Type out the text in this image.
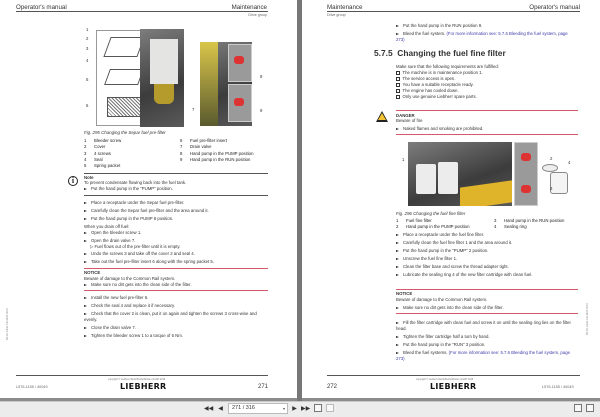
Operator's manual	Maintenance
Drive group
1
2
3
4
5
6
7
8
9
Fig. 295 Changing the Separ fuel pre-filter
1 Bleeder screw	6 Fuel pre-filter insert
2 Cover	7 Drain valve
3 4 screws	8 Hand pump in the PUMP position
4 Seal	9 Hand pump in the RUN position
5 Spring packet
i	Note
To prevent condensate flowing back into the fuel tank.
Put the hand pump in the "PUMP" position.
Place a receptacle under the Separ fuel pre-filter.
Carefully clean the Separ fuel pre-filter and the area around it.
Put the hand pump in the PUMP 8 position.
When you drain off fuel:
Open the bleeder screw 1.
Open the drain valve 7.
▷ Fuel flows out of the pre-filter until it is empty.
Undo the screws 3 and take off the cover 2 and seal 4.
Take out the fuel pre-filter insert 6 along with the spring packet 5.
NOTICE
Beware of damage to the Common Rail system.
Make sure no dirt gets into the clean side of the filter.
Install the new fuel pre-filter 6.
Check the seal 4 and replace it if necessary.
Check that the cover 2 is clean, put it on again and tighten the screws 3 cross-wise and evenly.
Close the drain valve 7.
Tighten the bleeder screw 1 to a torque of 6 Nm.
B0-40-Lohkl-CD-4200-0001
copyright © Liebherr-Werk Bischofshofen GmbH 2018
LIEBHERR	271
L576-1155 / 40049
Maintenance	Operator's manual
Drive group
Put the hand pump in the RUN position 9.
Bleed the fuel system. (For more information see: 5.7.6 Bleeding the fuel system, page 273)
5.7.5 Changing the fuel fine filter
Make sure that the following requirements are fulfilled:
The machine is in maintenance position 1.
The service access is open.
You have a suitable receptacle ready.
The engine has cooled down.
Only use genuine Liebherr spare parts.
!	DANGER
Beware of fire
Naked flames and smoking are prohibited.
1	2
3
4
Fig. 296 Changing the fuel fine filter
1 Fuel fine filter	3 Hand pump in the RUN position
2 Hand pump in the PUMP position	4 Sealing ring
Place a receptacle under the fuel fine filter.
Carefully clean the fuel fine filter 1 and the area around it.
Put the hand pump in the "PUMP" 2 position.
Unscrew the fuel fine filter 1.
Clean the filter base and screw the thread adapter tight.
Lubricate the sealing ring 4 of the new filter cartridge with clean fuel.
NOTICE
Beware of damage to the Common Rail system.
Make sure no dirt gets into the clean side of the filter.
Fill the filter cartridge with clean fuel and screw it on until the sealing ring lies on the filter head.
Tighten the filter cartridge half a turn by hand.
Put the hand pump in the "RUN" 3 position.
Bleed the fuel systems. (For more information see: 5.7.6 Bleeding the fuel system, page 273)
B0-40-Lohkl-CD-4200-0001
272
copyright © Liebherr-Werk Bischofshofen GmbH 2018
LIEBHERR	L576-1155 / 40049
◀◀ ◀	271 / 316	▾	▶ ▶▶
